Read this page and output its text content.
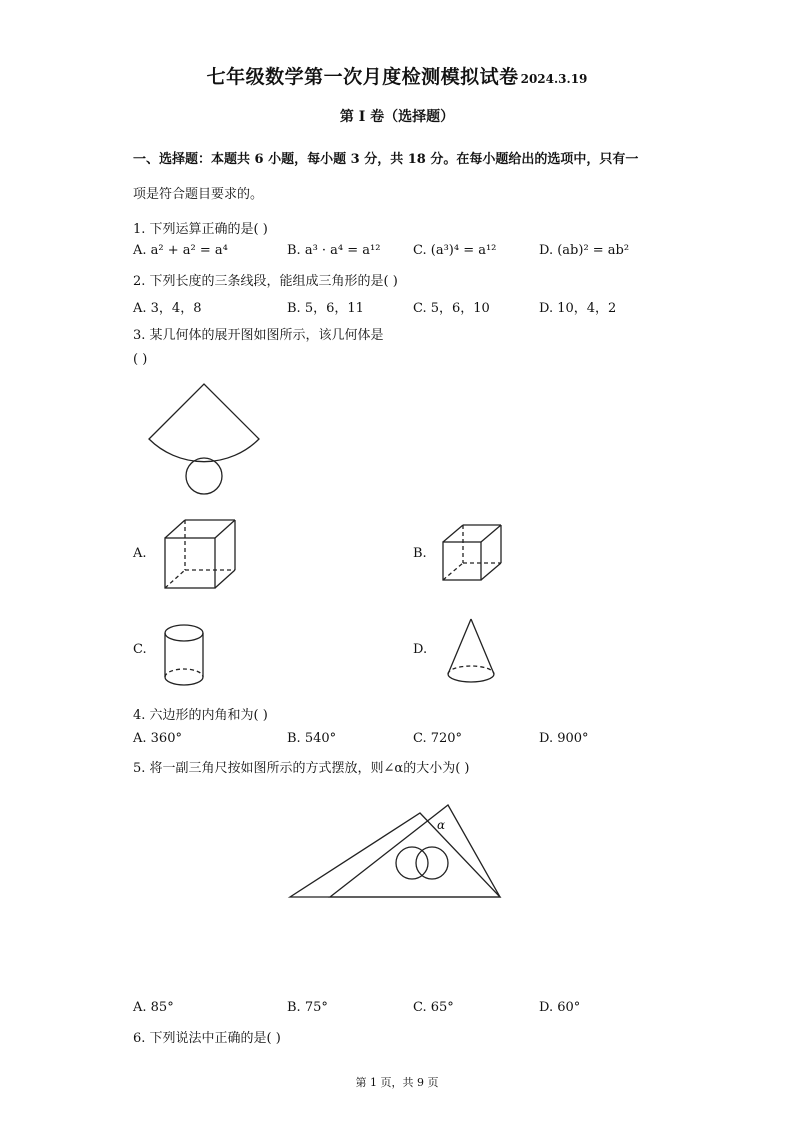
七年级数学第一次月度检测模拟试卷 2024.3.19
第 I 卷（选择题）
一、选择题：本题共 6 小题，每小题 3 分，共 18 分。在每小题给出的选项中，只有一
项是符合题目要求的。
1. 下列运算正确的是( )
A. a² + a² = a⁴	B. a³ · a⁴ = a¹²	C. (a³)⁴ = a¹²	D. (ab)² = ab²
2. 下列长度的三条线段，能组成三角形的是( )
A. 3，4，8	B. 5，6，11	C. 5，6，10	D. 10，4，2
3. 某几何体的展开图如图所示，该几何体是
( )
A.	B.
C.	D.
4. 六边形的内角和为( )
A. 360°	B. 540°	C. 720°	D. 900°
5. 将一副三角尺按如图所示的方式摆放，则∠α的大小为( )
α
A. 85°	B. 75°	C. 65°	D. 60°
6. 下列说法中正确的是( )
第 1 页，共 9 页
